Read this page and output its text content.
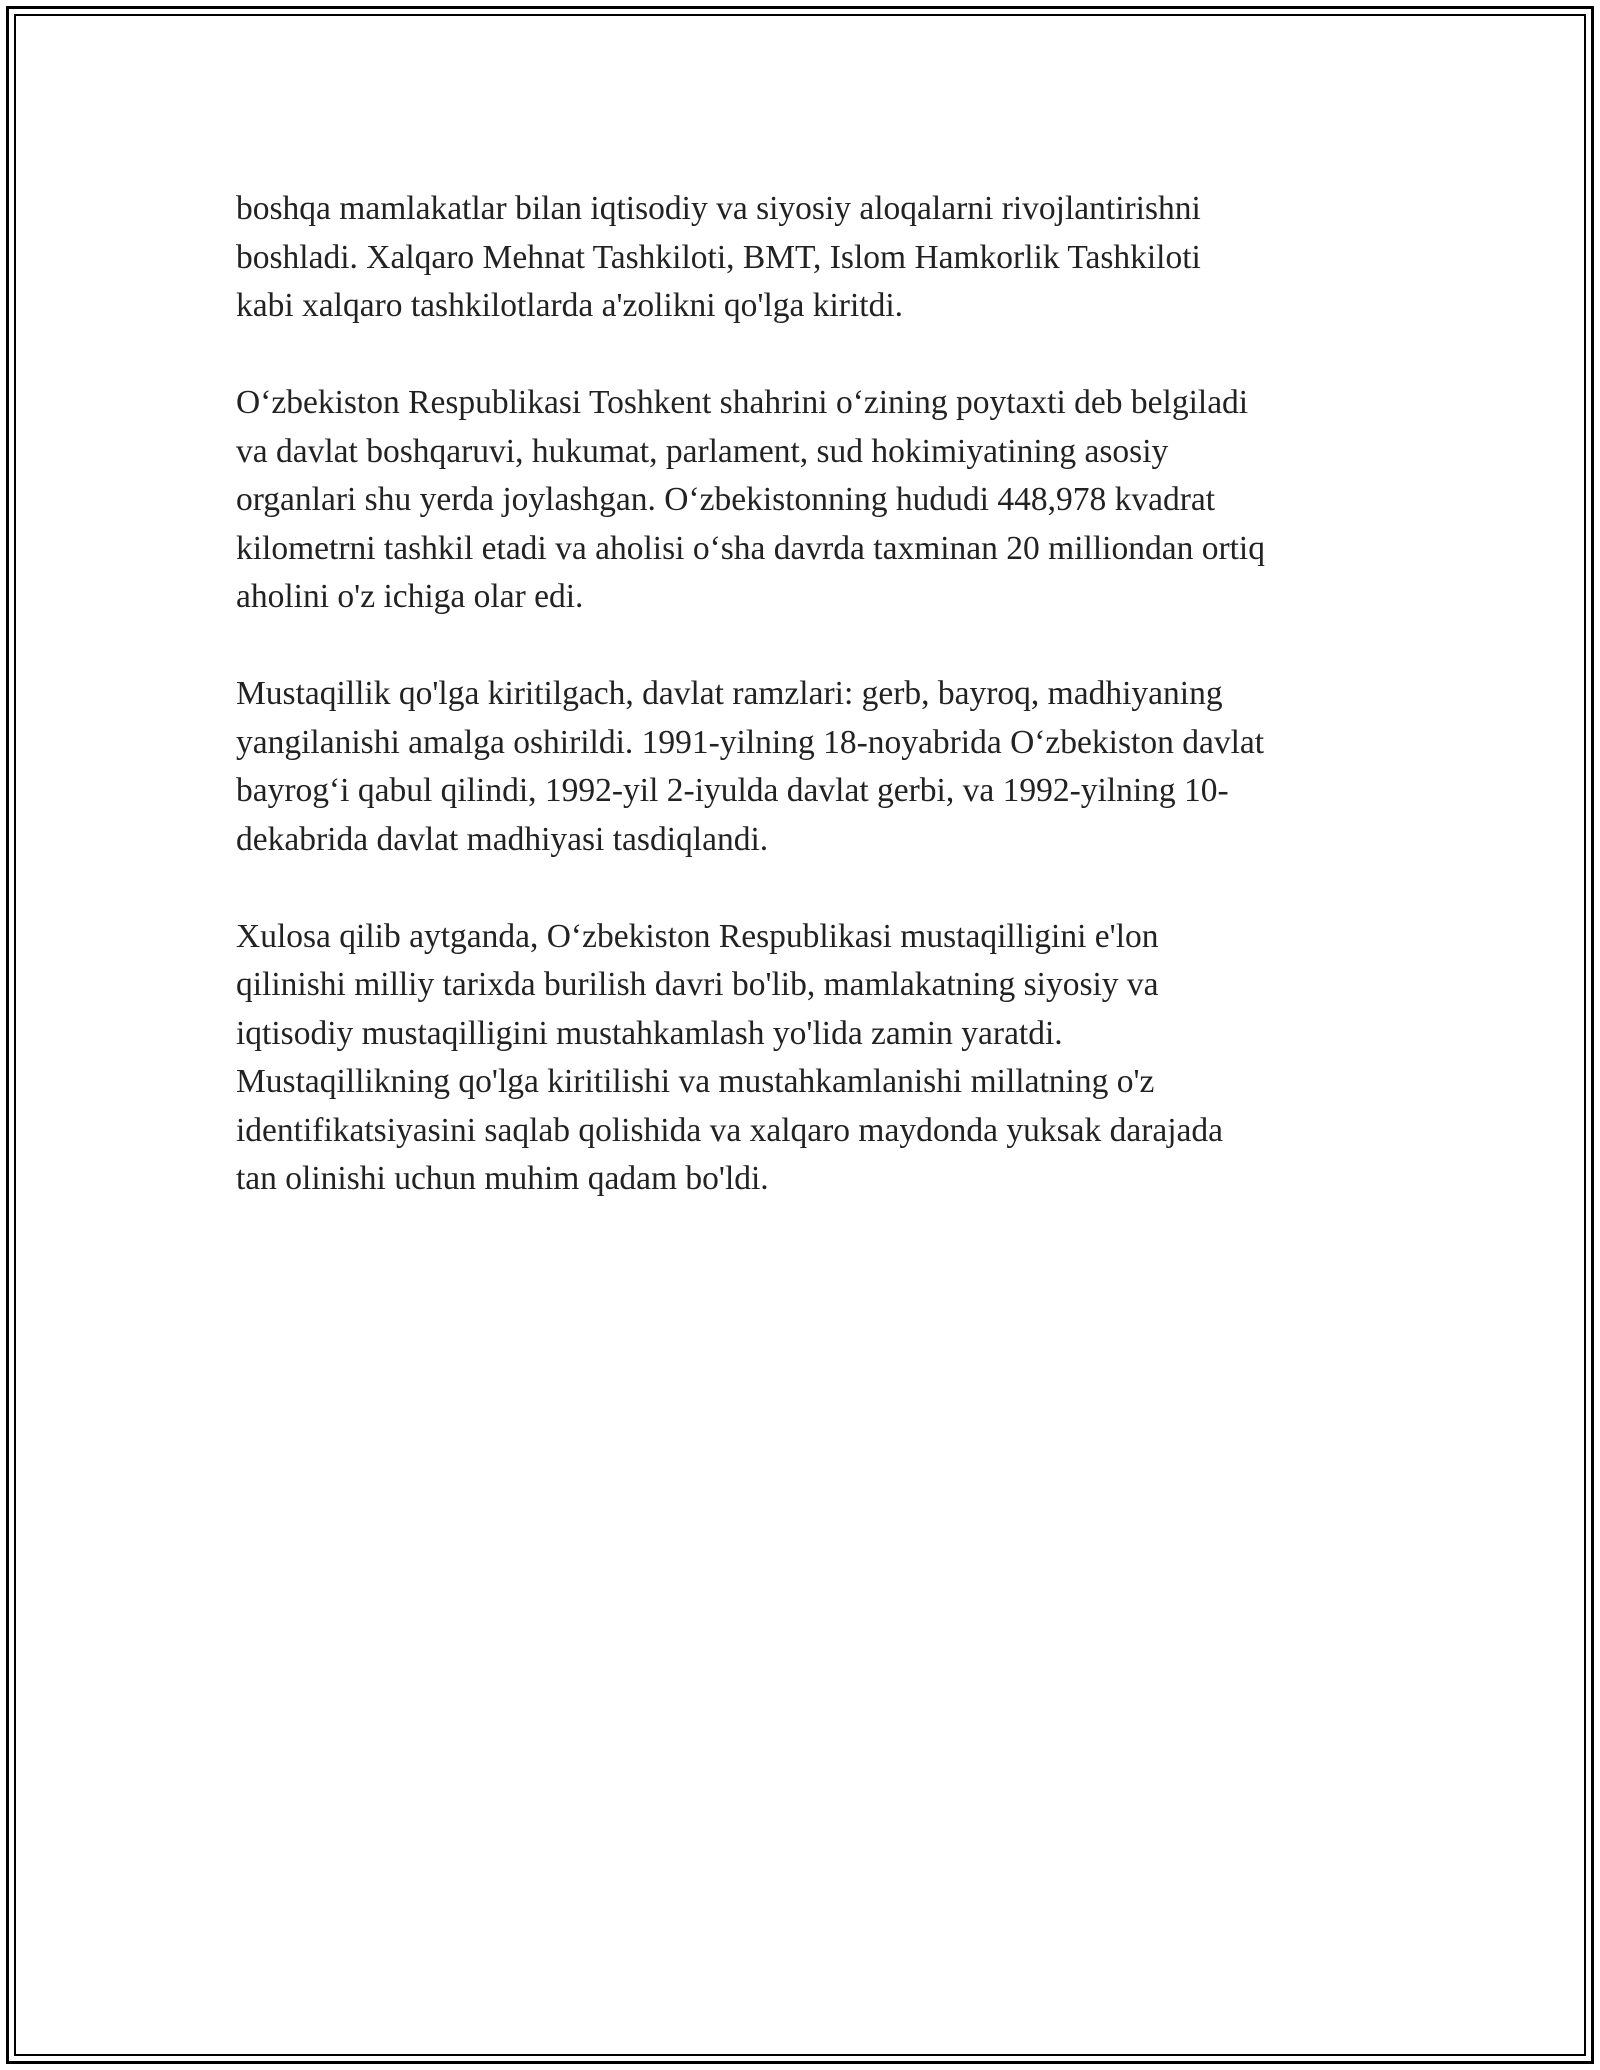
boshqa mamlakatlar bilan iqtisodiy va siyosiy aloqalarni rivojlantirishni
boshladi. Xalqaro Mehnat Tashkiloti, BMT, Islom Hamkorlik Tashkiloti
kabi xalqaro tashkilotlarda a'zolikni qo'lga kiritdi.

Oʻzbekiston Respublikasi Toshkent shahrini oʻzining poytaxti deb belgiladi
va davlat boshqaruvi, hukumat, parlament, sud hokimiyatining asosiy
organlari shu yerda joylashgan. Oʻzbekistonning hududi 448,978 kvadrat
kilometrni tashkil etadi va aholisi oʻsha davrda taxminan 20 milliondan ortiq
aholini o'z ichiga olar edi.

Mustaqillik qo'lga kiritilgach, davlat ramzlari: gerb, bayroq, madhiyaning
yangilanishi amalga oshirildi. 1991-yilning 18-noyabrida Oʻzbekiston davlat
bayrogʻi qabul qilindi, 1992-yil 2-iyulda davlat gerbi, va 1992-yilning 10-
dekabrida davlat madhiyasi tasdiqlandi.

Xulosa qilib aytganda, Oʻzbekiston Respublikasi mustaqilligini e'lon
qilinishi milliy tarixda burilish davri bo'lib, mamlakatning siyosiy va
iqtisodiy mustaqilligini mustahkamlash yo'lida zamin yaratdi.
Mustaqillikning qo'lga kiritilishi va mustahkamlanishi millatning o'z
identifikatsiyasini saqlab qolishida va xalqaro maydonda yuksak darajada
tan olinishi uchun muhim qadam bo'ldi.
